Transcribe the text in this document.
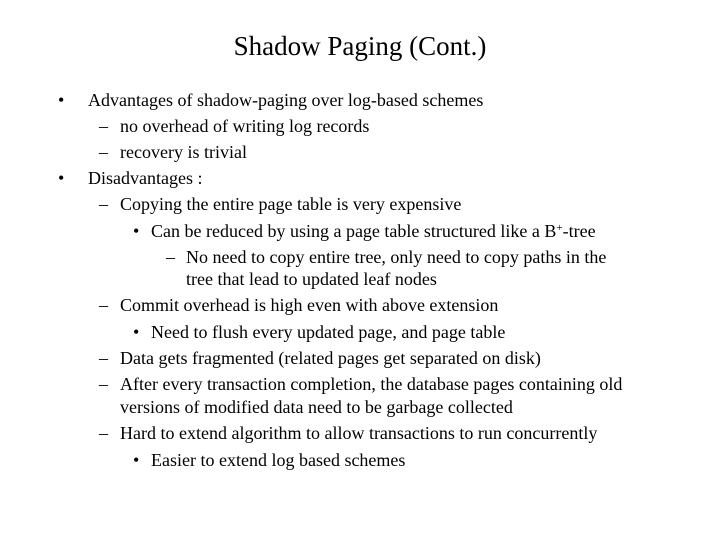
Shadow Paging (Cont.)
• Advantages of shadow-paging over log-based schemes
– no overhead of writing log records
– recovery is trivial
• Disadvantages :
– Copying the entire page table is very expensive
• Can be reduced by using a page table structured like a B+-tree
– No need to copy entire tree, only need to copy paths in the
tree that lead to updated leaf nodes
– Commit overhead is high even with above extension
• Need to flush every updated page, and page table
– Data gets fragmented (related pages get separated on disk)
– After every transaction completion, the database pages containing old
versions of modified data need to be garbage collected
– Hard to extend algorithm to allow transactions to run concurrently
• Easier to extend log based schemes
